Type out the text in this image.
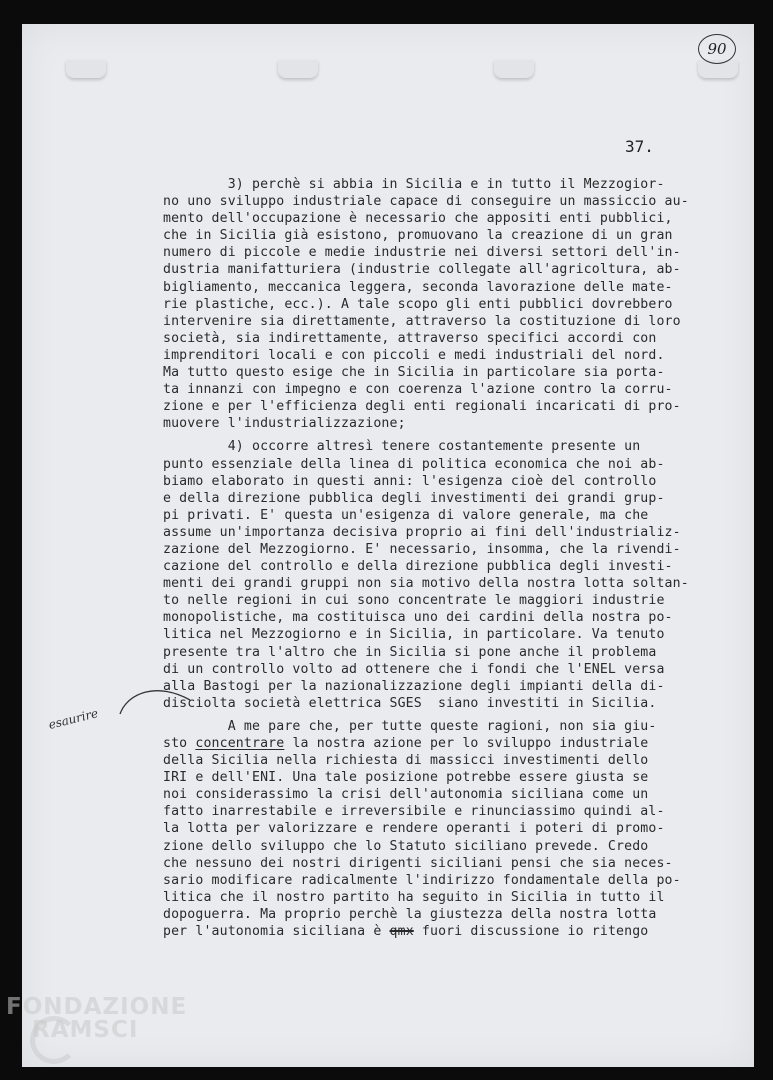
90
37.
3) perchè si abbia in Sicilia e in tutto il Mezzogior-
no uno sviluppo industriale capace di conseguire un massiccio au-
mento dell'occupazione è necessario che appositi enti pubblici,
che in Sicilia già esistono, promuovano la creazione di un gran
numero di piccole e medie industrie nei diversi settori dell'in-
dustria manifatturiera (industrie collegate all'agricoltura, ab-
bigliamento, meccanica leggera, seconda lavorazione delle mate-
rie plastiche, ecc.). A tale scopo gli enti pubblici dovrebbero
intervenire sia direttamente, attraverso la costituzione di loro
società, sia indirettamente, attraverso specifici accordi con
imprenditori locali e con piccoli e medi industriali del nord.
Ma tutto questo esige che in Sicilia in particolare sia porta-
ta innanzi con impegno e con coerenza l'azione contro la corru-
zione e per l'efficienza degli enti regionali incaricati di pro-
muovere l'industrializzazione;
4) occorre altresì tenere costantemente presente un
punto essenziale della linea di politica economica che noi ab-
biamo elaborato in questi anni: l'esigenza cioè del controllo
e della direzione pubblica degli investimenti dei grandi grup-
pi privati. E' questa un'esigenza di valore generale, ma che
assume un'importanza decisiva proprio ai fini dell'industrializ-
zazione del Mezzogiorno. E' necessario, insomma, che la rivendi-
cazione del controllo e della direzione pubblica degli investi-
menti dei grandi gruppi non sia motivo della nostra lotta soltan-
to nelle regioni in cui sono concentrate le maggiori industrie
monopolistiche, ma costituisca uno dei cardini della nostra po-
litica nel Mezzogiorno e in Sicilia, in particolare. Va tenuto
presente tra l'altro che in Sicilia si pone anche il problema
di un controllo volto ad ottenere che i fondi che l'ENEL versa
alla Bastogi per la nazionalizzazione degli impianti della di-
disciolta società elettrica SGES  siano investiti in Sicilia.
A me pare che, per tutte queste ragioni, non sia giu-
sto concentrare la nostra azione per lo sviluppo industriale
della Sicilia nella richiesta di massicci investimenti dello
IRI e dell'ENI. Una tale posizione potrebbe essere giusta se
noi considerassimo la crisi dell'autonomia siciliana come un
fatto inarrestabile e irreversibile e rinunciassimo quindi al-
la lotta per valorizzare e rendere operanti i poteri di promo-
zione dello sviluppo che lo Statuto siciliano prevede. Credo
che nessuno dei nostri dirigenti siciliani pensi che sia neces-
sario modificare radicalmente l'indirizzo fondamentale della po-
litica che il nostro partito ha seguito in Sicilia in tutto il
dopoguerra. Ma proprio perchè la giustezza della nostra lotta
per l'autonomia siciliana è qmx fuori discussione io ritengo
esaurire
FONDAZIONE
RAMSCI
